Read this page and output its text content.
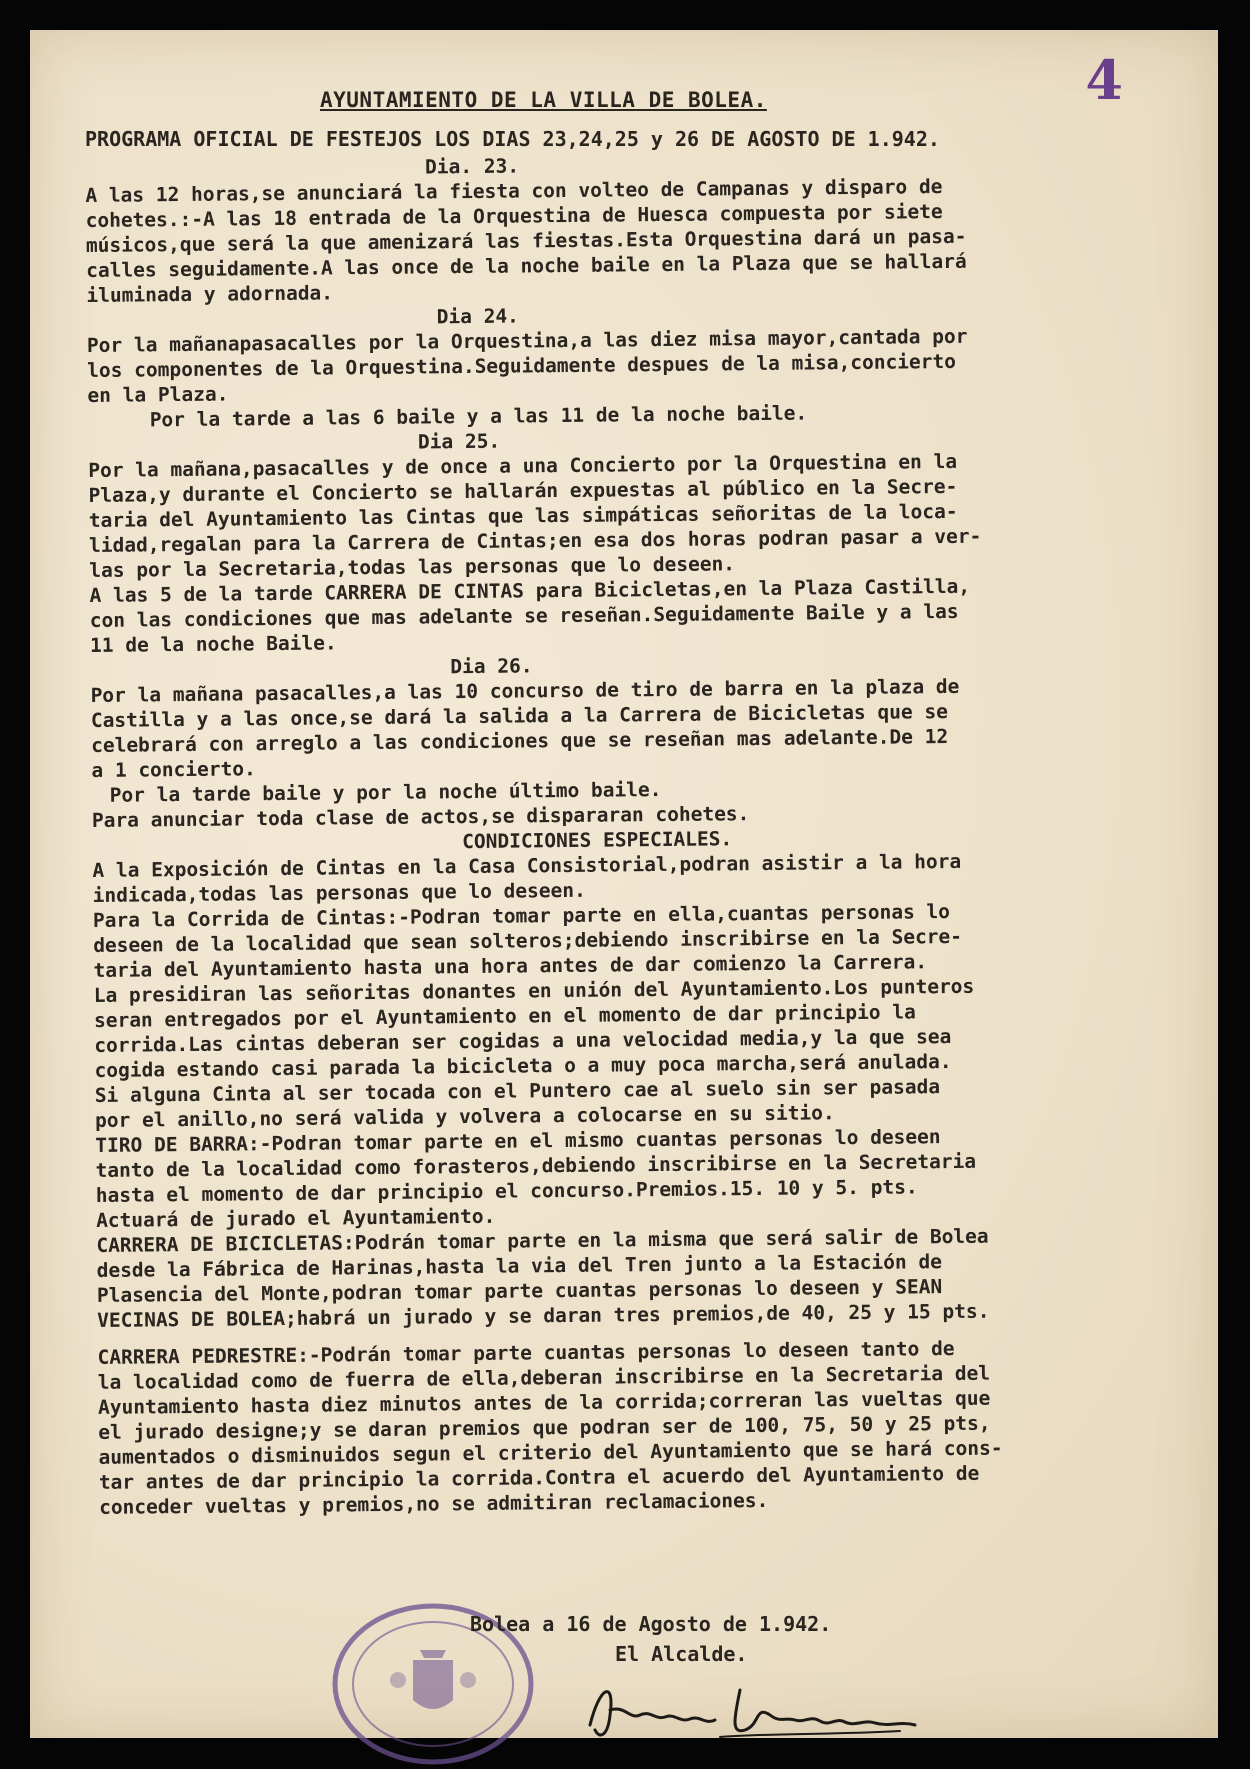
4
AYUNTAMIENTO DE LA VILLA DE BOLEA.
PROGRAMA OFICIAL DE FESTEJOS LOS DIAS 23,24,25 y 26 DE AGOSTO DE 1.942.
Dia. 23.
A las 12 horas,se anunciará la fiesta con volteo de Campanas y disparo de
cohetes.:-A las 18 entrada de la Orquestina de Huesca compuesta por siete
músicos,que será la que amenizará las fiestas.Esta Orquestina dará un pasa-
calles seguidamente.A las once de la noche baile en la Plaza que se hallará
iluminada y adornada.
Dia 24.
Por la mañanapasacalles por la Orquestina,a las diez misa mayor,cantada por
los componentes de la Orquestina.Seguidamente despues de la misa,concierto
en la Plaza.
Por la tarde a las 6 baile y a las 11 de la noche baile.
Dia 25.
Por la mañana,pasacalles y de once a una Concierto por la Orquestina en la
Plaza,y durante el Concierto se hallarán expuestas al público en la Secre-
taria del Ayuntamiento las Cintas que las simpáticas señoritas de la loca-
lidad,regalan para la Carrera de Cintas;en esa dos horas podran pasar a ver-
las por la Secretaria,todas las personas que lo deseen.
A las 5 de la tarde CARRERA DE CINTAS para Bicicletas,en la Plaza Castilla,
con las condiciones que mas adelante se reseñan.Seguidamente Baile y a las
11 de la noche Baile.
Dia 26.
Por la mañana pasacalles,a las 10 concurso de tiro de barra en la plaza de
Castilla y a las once,se dará la salida a la Carrera de Bicicletas que se
celebrará con arreglo a las condiciones que se reseñan mas adelante.De 12
a 1 concierto.
Por la tarde baile y por la noche último baile.
Para anunciar toda clase de actos,se dispararan cohetes.
CONDICIONES ESPECIALES.
A la Exposición de Cintas en la Casa Consistorial,podran asistir a la hora
indicada,todas las personas que lo deseen.
Para la Corrida de Cintas:-Podran tomar parte en ella,cuantas personas lo
deseen de la localidad que sean solteros;debiendo inscribirse en la Secre-
taria del Ayuntamiento hasta una hora antes de dar comienzo la Carrera.
La presidiran las señoritas donantes en unión del Ayuntamiento.Los punteros
seran entregados por el Ayuntamiento en el momento de dar principio la
corrida.Las cintas deberan ser cogidas a una velocidad media,y la que sea
cogida estando casi parada la bicicleta o a muy poca marcha,será anulada.
Si alguna Cinta al ser tocada con el Puntero cae al suelo sin ser pasada
por el anillo,no será valida y volvera a colocarse en su sitio.
TIRO DE BARRA:-Podran tomar parte en el mismo cuantas personas lo deseen
tanto de la localidad como forasteros,debiendo inscribirse en la Secretaria
hasta el momento de dar principio el concurso.Premios.15. 10 y 5. pts.
Actuará de jurado el Ayuntamiento.
CARRERA DE BICICLETAS:Podrán tomar parte en la misma que será salir de Bolea
desde la Fábrica de Harinas,hasta la via del Tren junto a la Estación de
Plasencia del Monte,podran tomar parte cuantas personas lo deseen y SEAN
VECINAS DE BOLEA;habrá un jurado y se daran tres premios,de 40, 25 y 15 pts.
CARRERA PEDRESTRE:-Podrán tomar parte cuantas personas lo deseen tanto de
la localidad como de fuerra de ella,deberan inscribirse en la Secretaria del
Ayuntamiento hasta diez minutos antes de la corrida;correran las vueltas que
el jurado designe;y se daran premios que podran ser de 100, 75, 50 y 25 pts,
aumentados o disminuidos segun el criterio del Ayuntamiento que se hará cons-
tar antes de dar principio la corrida.Contra el acuerdo del Ayuntamiento de
conceder vueltas y premios,no se admitiran reclamaciones.
Bolea a 16 de Agosto de 1.942.
El Alcalde.
